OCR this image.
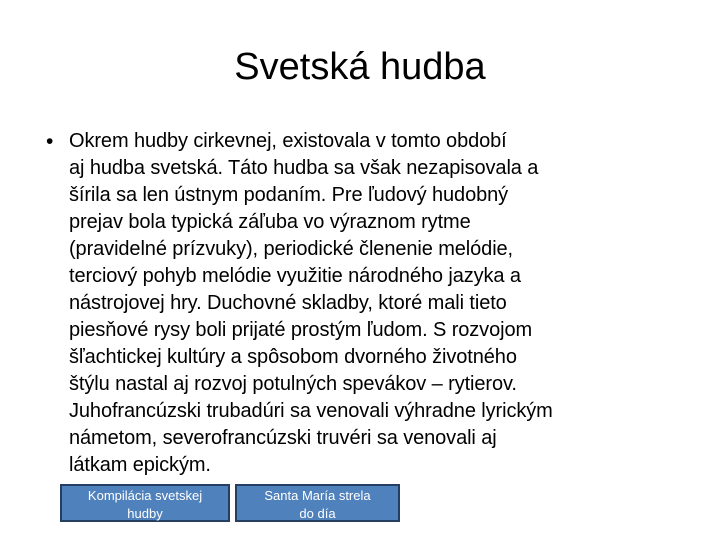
Svetská hudba
• Okrem hudby cirkevnej, existovala v tomto období
aj hudba svetská. Táto hudba sa však nezapisovala a
šírila sa len ústnym podaním. Pre ľudový hudobný
prejav bola typická záľuba vo výraznom rytme
(pravidelné prízvuky), periodické členenie melódie,
terciový pohyb melódie využitie národného jazyka a
nástrojovej hry. Duchovné skladby, ktoré mali tieto
piesňové rysy boli prijaté prostým ľudom. S rozvojom
šľachtickej kultúry a spôsobom dvorného životného
štýlu nastal aj rozvoj potulných spevákov – rytierov.
Juhofrancúzski trubadúri sa venovali výhradne lyrickým
námetom, severofrancúzski truvéri sa venovali aj
látkam epickým.
Kompilácia svetskej
hudby
Santa María strela
do día
